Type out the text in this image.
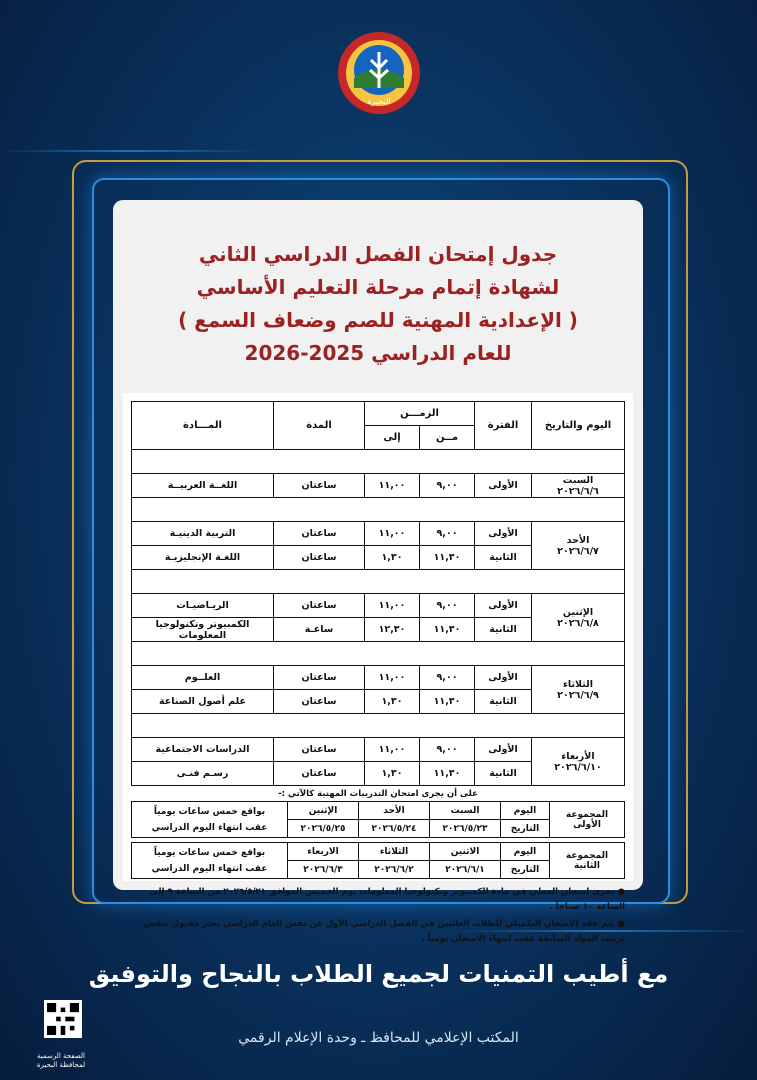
البحيرة

جدول إمتحان الفصل الدراسي الثاني

لشهادة إتمام مرحلة التعليم الأساسي

( الإعدادية المهنية للصم وضعاف السمع )

للعام الدراسي 2025-2026

اليوم والتاريخ	الفترة	الزمـــن		المدة	المـــادة
		مــن	إلى		

السبت
٢٠٢٦/٦/٦	الأولى	٩,٠٠	١١,٠٠	ساعتان	اللغــة العربيــة

الأحد
٢٠٢٦/٦/٧	الأولى	٩,٠٠	١١,٠٠	ساعتان	التربية الدينيـة
	الثانية	١١,٣٠	١,٣٠	ساعتان	اللغـة الإنجليزيـة

الإثنين
٢٠٢٦/٦/٨	الأولى	٩,٠٠	١١,٠٠	ساعتان	الريـاضيـات
	الثانية	١١,٣٠	١٢,٣٠	ساعـة	الكمبيوتر وتكنولوجيا المعلومات

الثلاثاء
٢٠٢٦/٦/٩	الأولى	٩,٠٠	١١,٠٠	ساعتان	العلــوم
	الثانية	١١,٣٠	١,٣٠	ساعتان	علم أصول الصناعة

الأربعاء
٢٠٢٦/٦/١٠	الأولى	٩,٠٠	١١,٠٠	ساعتان	الدراسات الاجتماعية
	الثانية	١١,٣٠	١,٣٠	ساعتان	رسـم فنـى
على أن يجرى امتحان التدريبات المهنية كالآتي :-
المجموعة الأولى	اليوم	السبت	الأحد	الإثنين	بواقع خمس ساعات يومياً
عقب انتهاء اليوم الدراسي

	التاريخ	٢٠٢٦/٥/٢٣	٢٠٢٦/٥/٢٤	٢٠٢٦/٥/٢٥	

المجموعة الثانية	اليوم	الاثنين	الثلاثاء	الاربعاء	بواقع خمس ساعات يومياً
عقب انتهاء اليوم الدراسي

	التاريخ	٢٠٢٦/٦/١	٢٠٢٦/٦/٢	٢٠٢٦/٦/٣	

● يجرى امتحان العملي في مادة الكمبيوتر وتكنولوجيا المعلومات يوم الخميس الموافق ٢٠٢٦/٥/٢١ من الساعة ٩ إلى الساعة ١٠ صباحاً .

● يتم عقد الامتحان التكميلي للطلاب الغائبين في الفصل الدراسي الأول عن نفس العام الدراسي بعذر مقبول بنفس ترتيب المواد السابقة عقب انتهاء الامتحان يومياً .

مع أطيب التمنيات لجميع الطلاب بالنجاح والتوفيق
الصفحة الرسمية لمحافظة البحيرة
المكتب الإعلامي للمحافظ ـ وحدة الإعلام الرقمي
